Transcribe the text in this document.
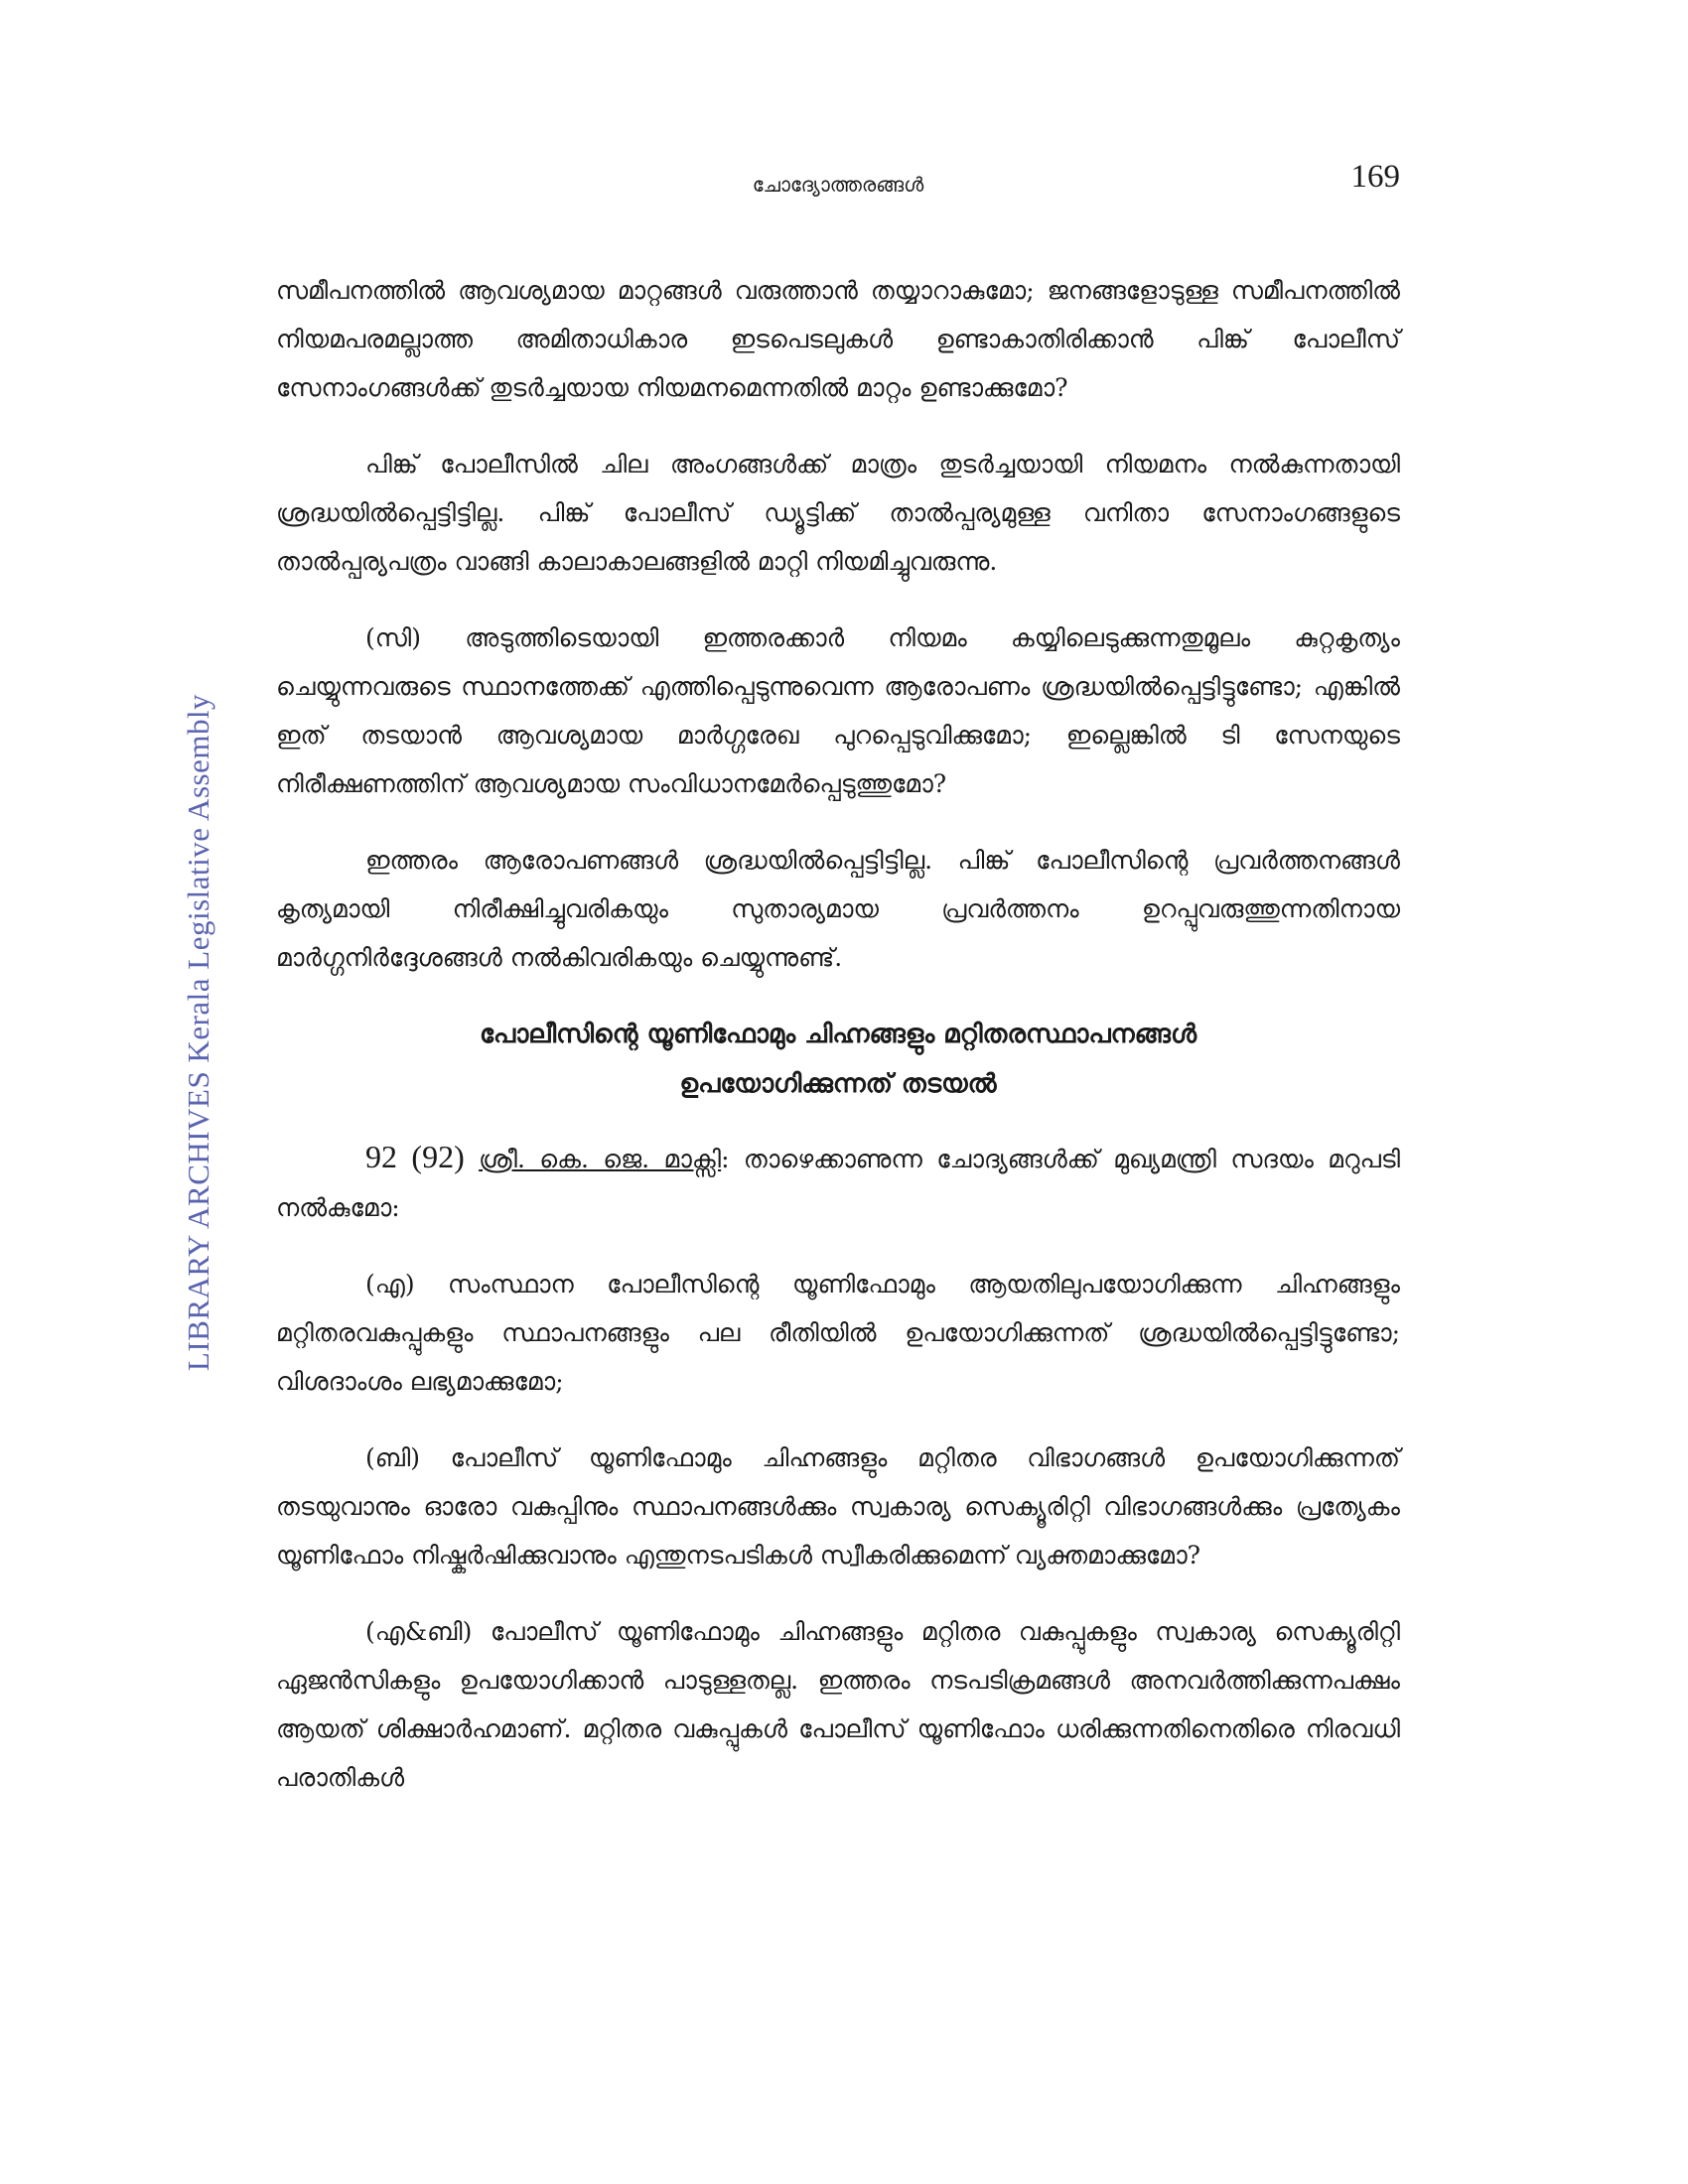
LIBRARY ARCHIVES Kerala Legislative Assembly
ചോദ്യോത്തരങ്ങൾ	169

സമീപനത്തിൽ ആവശ്യമായ മാറ്റങ്ങൾ വരുത്താൻ തയ്യാറാകുമോ; ജനങ്ങളോടുള്ള സമീപനത്തിൽ നിയമപരമല്ലാത്ത അമിതാധികാര ഇടപെടലുകൾ ഉണ്ടാകാതിരിക്കാൻ പിങ്ക് പോലീസ് സേനാംഗങ്ങൾക്ക് തുടർച്ചയായ നിയമനമെന്നതിൽ മാറ്റം ഉണ്ടാക്കുമോ?

പിങ്ക് പോലീസിൽ ചില അംഗങ്ങൾക്ക് മാത്രം തുടർച്ചയായി നിയമനം നൽകുന്നതായി ശ്രദ്ധയിൽപ്പെട്ടിട്ടില്ല. പിങ്ക് പോലീസ് ഡ്യൂട്ടിക്ക് താൽപ്പര്യമുള്ള വനിതാ സേനാംഗങ്ങളുടെ താൽപ്പര്യപത്രം വാങ്ങി കാലാകാലങ്ങളിൽ മാറ്റി നിയമിച്ചുവരുന്നു.

(സി) അടുത്തിടെയായി ഇത്തരക്കാർ നിയമം കയ്യിലെടുക്കുന്നതുമൂലം കുറ്റകൃത്യം ചെയ്യുന്നവരുടെ സ്ഥാനത്തേക്ക് എത്തിപ്പെടുന്നുവെന്ന ആരോപണം ശ്രദ്ധയിൽപ്പെട്ടിട്ടുണ്ടോ; എങ്കിൽ ഇത് തടയാൻ ആവശ്യമായ മാർഗ്ഗരേഖ പുറപ്പെടുവിക്കുമോ; ഇല്ലെങ്കിൽ ടി സേനയുടെ നിരീക്ഷണത്തിന് ആവശ്യമായ സംവിധാനമേർപ്പെടുത്തുമോ?

ഇത്തരം ആരോപണങ്ങൾ ശ്രദ്ധയിൽപ്പെട്ടിട്ടില്ല. പിങ്ക് പോലീസിന്റെ പ്രവർത്തനങ്ങൾ കൃത്യമായി നിരീക്ഷിച്ചുവരികയും സുതാര്യമായ പ്രവർത്തനം ഉറപ്പുവരുത്തുന്നതിനായ മാർഗ്ഗനിർദ്ദേശങ്ങൾ നൽകിവരികയും ചെയ്യുന്നുണ്ട്.

പോലീസിന്റെ യൂണിഫോമും ചിഹ്നങ്ങളും മറ്റിതരസ്ഥാപനങ്ങൾ
ഉപയോഗിക്കുന്നത് തടയൽ

92 (92) ശ്രീ. കെ. ജെ. മാക്സി: താഴെക്കാണുന്ന ചോദ്യങ്ങൾക്ക് മുഖ്യമന്ത്രി സദയം മറുപടി നൽകുമോ:

(എ) സംസ്ഥാന പോലീസിന്റെ യൂണിഫോമും ആയതിലുപയോഗിക്കുന്ന ചിഹ്നങ്ങളും മറ്റിതരവകുപ്പുകളും സ്ഥാപനങ്ങളും പല രീതിയിൽ ഉപയോഗിക്കുന്നത് ശ്രദ്ധയിൽപ്പെട്ടിട്ടുണ്ടോ; വിശദാംശം ലഭ്യമാക്കുമോ;

(ബി) പോലീസ് യൂണിഫോമും ചിഹ്നങ്ങളും മറ്റിതര വിഭാഗങ്ങൾ ഉപയോഗിക്കുന്നത് തടയുവാനും ഓരോ വകുപ്പിനും സ്ഥാപനങ്ങൾക്കും സ്വകാര്യ സെക്യൂരിറ്റി വിഭാഗങ്ങൾക്കും പ്രത്യേകം യൂണിഫോം നിഷ്കർഷിക്കുവാനും എന്തുനടപടികൾ സ്വീകരിക്കുമെന്ന് വ്യക്തമാക്കുമോ?

(എ&ബി) പോലീസ് യൂണിഫോമും ചിഹ്നങ്ങളും മറ്റിതര വകുപ്പുകളും സ്വകാര്യ സെക്യൂരിറ്റി ഏജൻസികളും ഉപയോഗിക്കാൻ പാടുള്ളതല്ല. ഇത്തരം നടപടിക്രമങ്ങൾ അനവർത്തിക്കുന്നപക്ഷം ആയത് ശിക്ഷാർഹമാണ്. മറ്റിതര വകുപ്പുകൾ പോലീസ് യൂണിഫോം ധരിക്കുന്നതിനെതിരെ നിരവധി പരാതികൾ
